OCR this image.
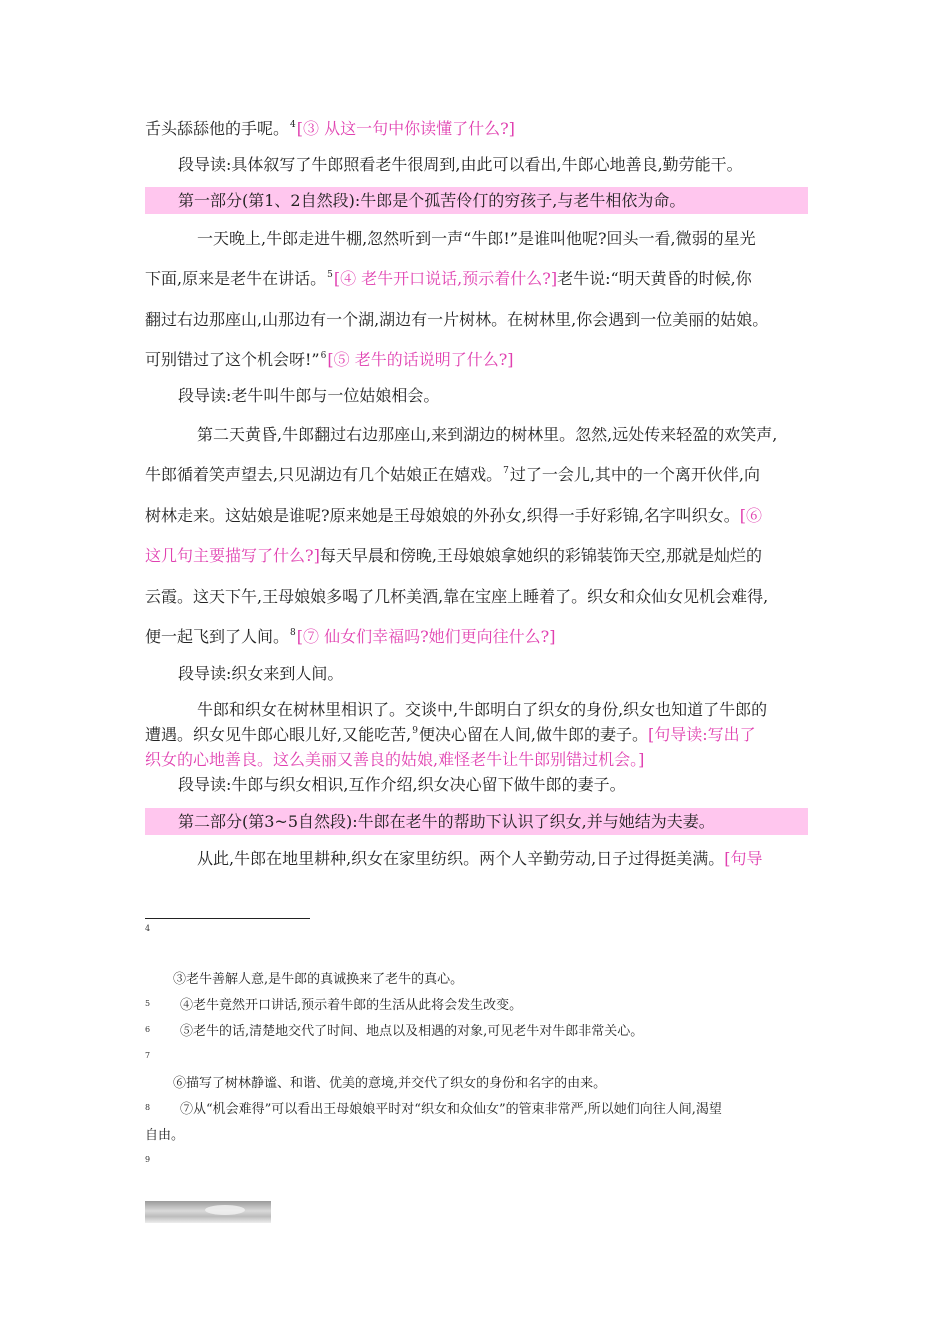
舌头舔舔他的手呢。$^4$[③ 从这一句中你读懂了什么?]
段导读:具体叙写了牛郎照看老牛很周到,由此可以看出,牛郎心地善良,勤劳能干。
第一部分(第1、2自然段):牛郎是个孤苦伶仃的穷孩子,与老牛相依为命。
一天晚上,牛郎走进牛棚,忽然听到一声“牛郎!”是谁叫他呢?回头一看,微弱的星光
下面,原来是老牛在讲话。$^5$[④ 老牛开口说话,预示着什么?]老牛说:“明天黄昏的时候,你
翻过右边那座山,山那边有一个湖,湖边有一片树林。在树林里,你会遇到一位美丽的姑娘。
可别错过了这个机会呀!”$^6$[⑤ 老牛的话说明了什么?]
段导读:老牛叫牛郎与一位姑娘相会。
第二天黄昏,牛郎翻过右边那座山,来到湖边的树林里。忽然,远处传来轻盈的欢笑声,
牛郎循着笑声望去,只见湖边有几个姑娘正在嬉戏。$^7$过了一会儿,其中的一个离开伙伴,向
树林走来。这姑娘是谁呢?原来她是王母娘娘的外孙女,织得一手好彩锦,名字叫织女。[⑥
这几句主要描写了什么?]每天早晨和傍晚,王母娘娘拿她织的彩锦装饰天空,那就是灿烂的
云霞。这天下午,王母娘娘多喝了几杯美酒,靠在宝座上睡着了。织女和众仙女见机会难得,
便一起飞到了人间。$^8$[⑦ 仙女们幸福吗?她们更向往什么?]
段导读:织女来到人间。
牛郎和织女在树林里相识了。交谈中,牛郎明白了织女的身份,织女也知道了牛郎的
遭遇。织女见牛郎心眼儿好,又能吃苦,$^9$便决心留在人间,做牛郎的妻子。[句导读:写出了
织女的心地善良。这么美丽又善良的姑娘,难怪老牛让牛郎别错过机会。]
段导读:牛郎与织女相识,互作介绍,织女决心留下做牛郎的妻子。
第二部分(第3~5自然段):牛郎在老牛的帮助下认识了织女,并与她结为夫妻。
从此,牛郎在地里耕种,织女在家里纺织。两个人辛勤劳动,日子过得挺美满。[句导
4
③老牛善解人意,是牛郎的真诚换来了老牛的真心。
5 ④老牛竟然开口讲话,预示着牛郎的生活从此将会发生改变。
6 ⑤老牛的话,清楚地交代了时间、地点以及相遇的对象,可见老牛对牛郎非常关心。
7
⑥描写了树林静谧、和谐、优美的意境,并交代了织女的身份和名字的由来。
8 ⑦从“机会难得”可以看出王母娘娘平时对“织女和众仙女”的管束非常严,所以她们向往人间,渴望
自由。
9
